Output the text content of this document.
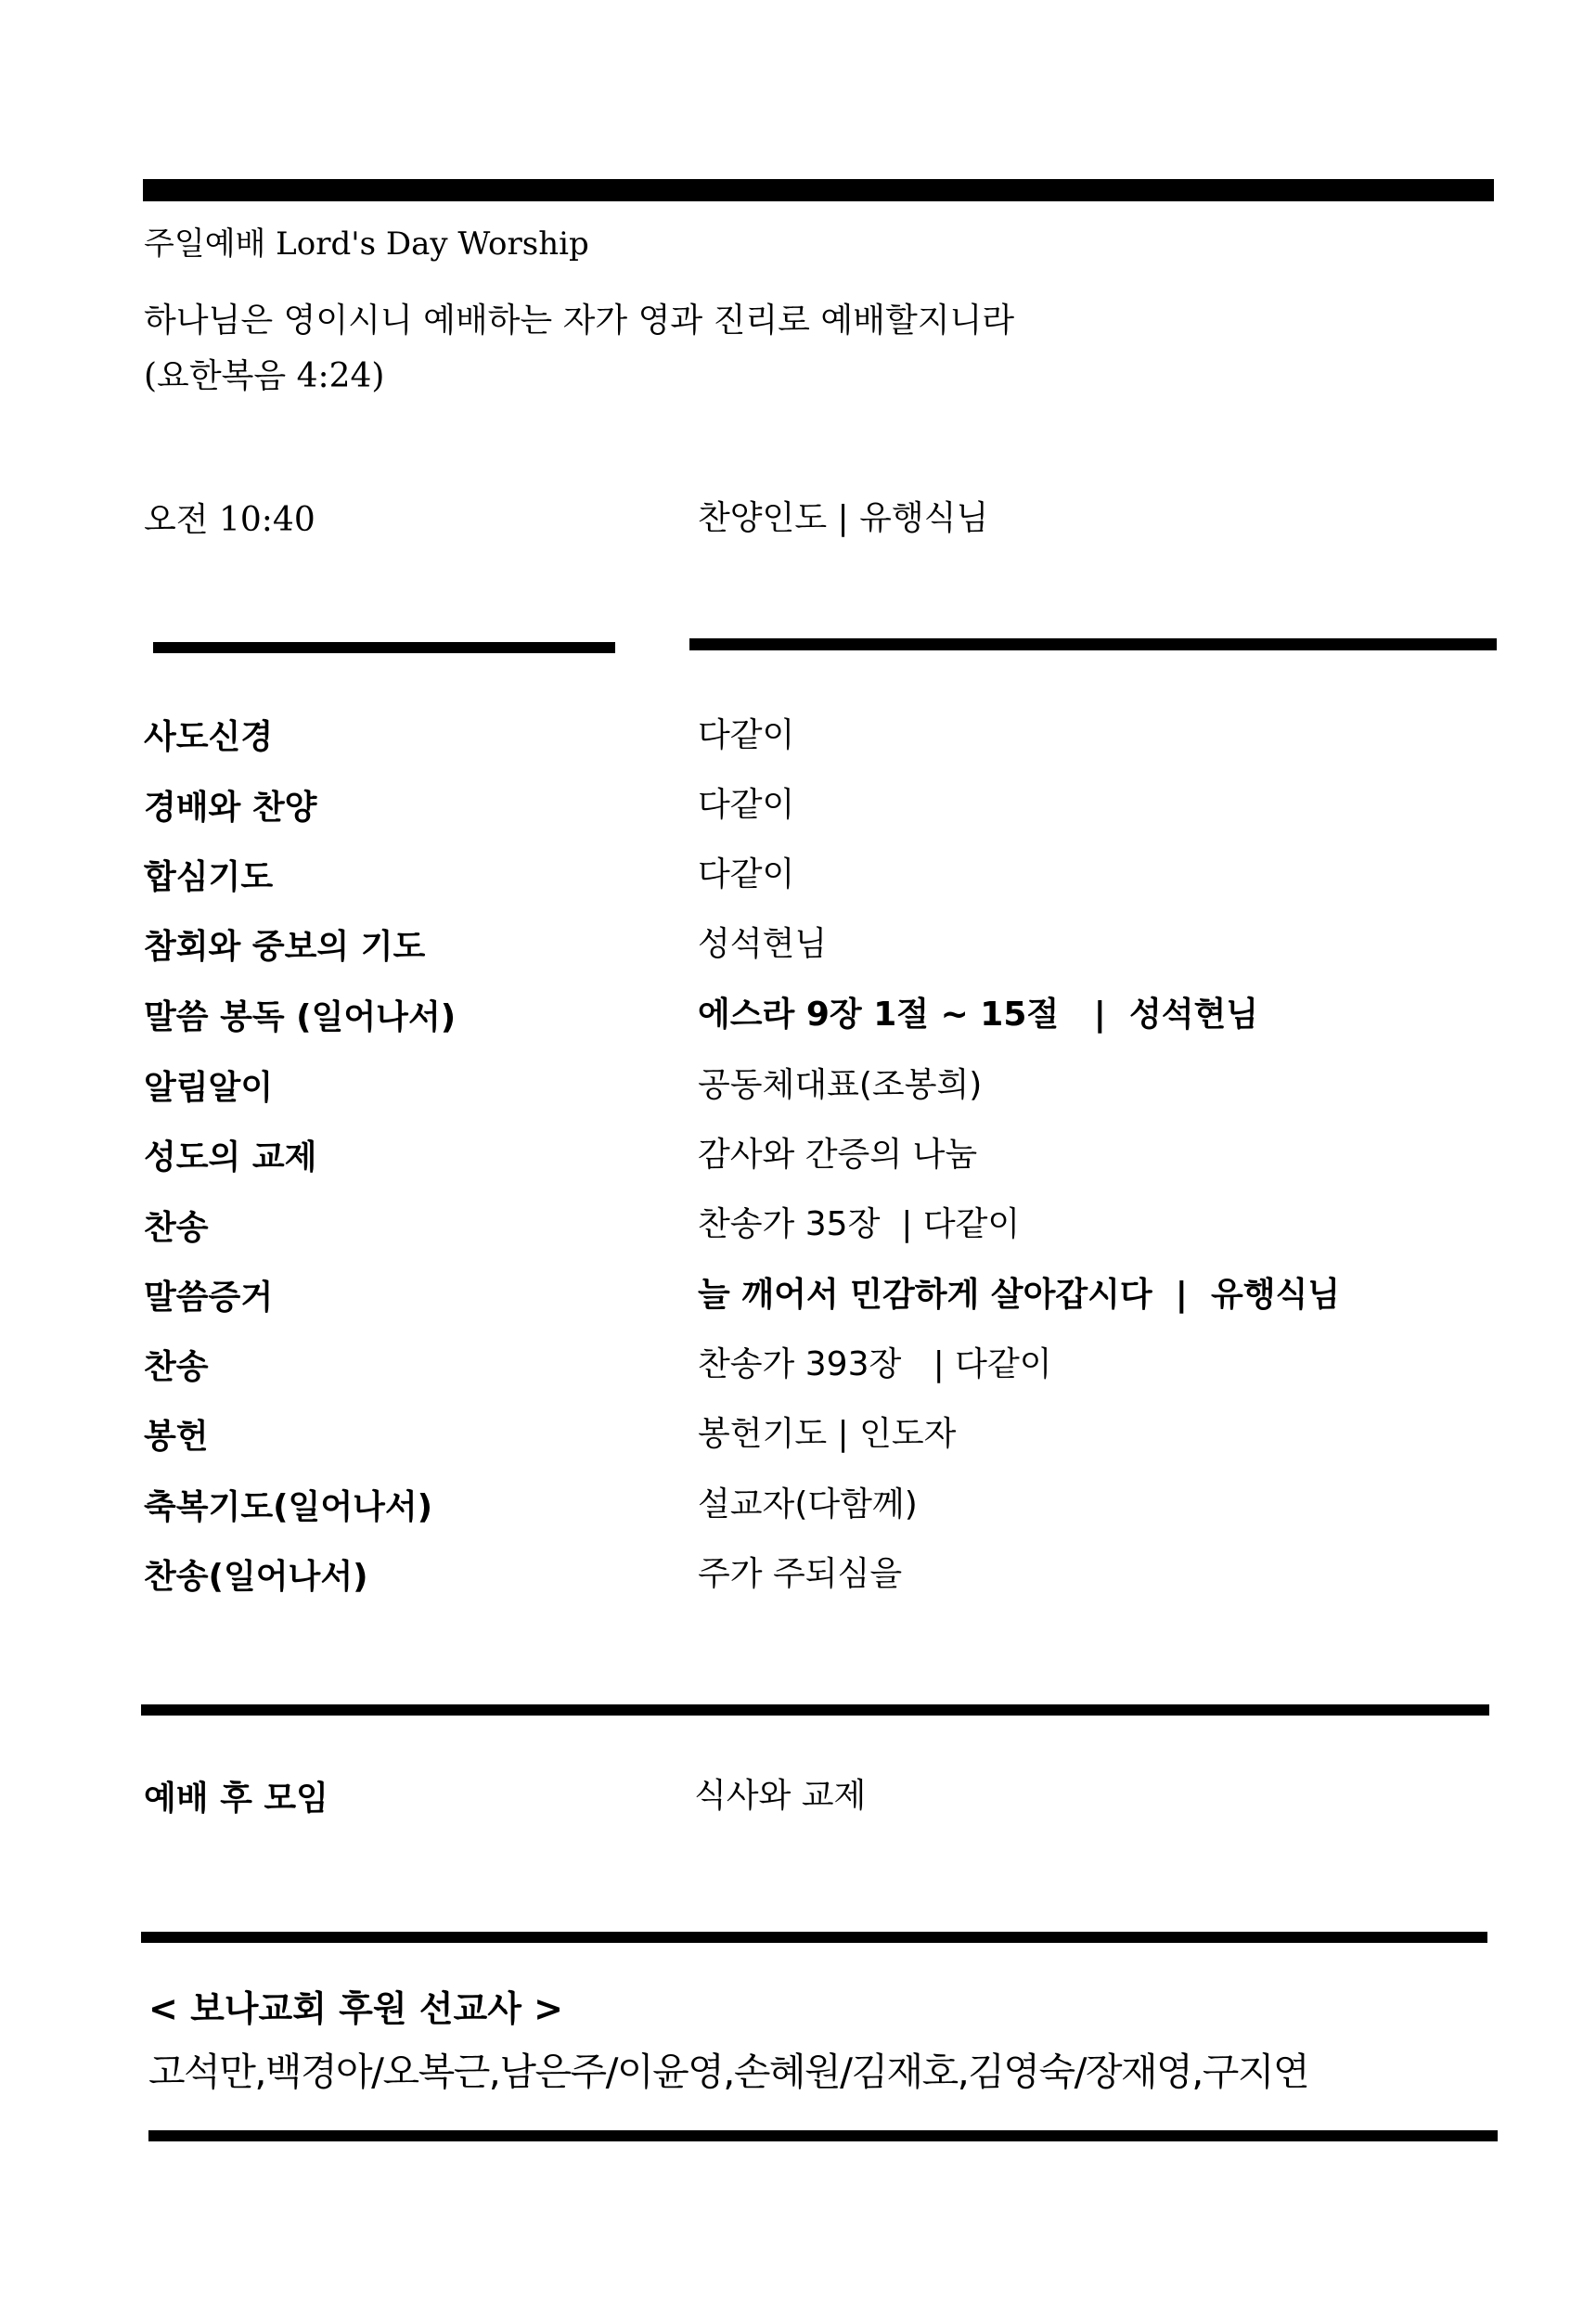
주일예배 Lord's Day Worship
하나님은 영이시니 예배하는 자가 영과 진리로 예배할지니라
(요한복음 4:24)
오전 10:40	찬양인도 | 유행식님
사도신경	다같이
경배와 찬양	다같이
합심기도	다같이
참회와 중보의 기도	성석현님
말씀 봉독 (일어나서)	에스라 9장 1절 ~ 15절   |  성석현님
알림알이	공동체대표(조봉희)
성도의 교제	감사와 간증의 나눔
찬송	찬송가 35장  | 다같이
말씀증거	늘 깨어서 민감하게 살아갑시다  |  유행식님
찬송	찬송가 393장   | 다같이
봉헌	봉헌기도 | 인도자
축복기도(일어나서)	설교자(다함께)
찬송(일어나서)	주가 주되심을
예배 후 모임	식사와 교제
< 보나교회 후원 선교사 >
고석만,백경아/오복근,남은주/이윤영,손혜원/김재호,김영숙/장재영,구지연
